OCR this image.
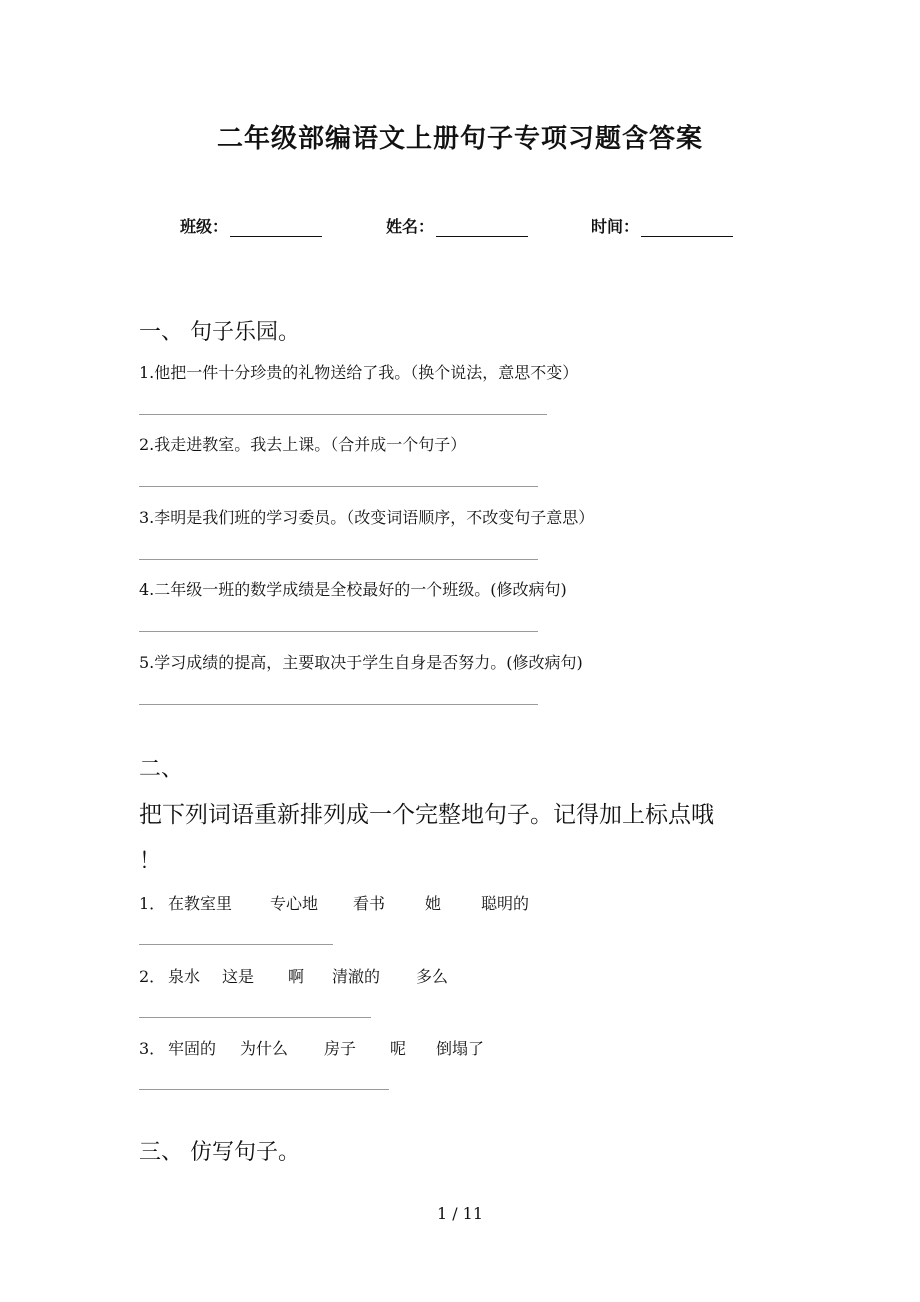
二年级部编语文上册句子专项习题含答案
班级：	姓名：	时间：
一、 句子乐园。
1.他把一件十分珍贵的礼物送给了我。（换个说法，意思不变）
2.我走进教室。我去上课。（合并成一个句子）
3.李明是我们班的学习委员。（改变词语顺序，不改变句子意思）
4.二年级一班的数学成绩是全校最好的一个班级。(修改病句)
5.学习成绩的提高，主要取决于学生自身是否努力。(修改病句)
二、
把下列词语重新排列成一个完整地句子。记得加上标点哦
！
1． 在教室里 专心地 看书 她 聪明的
2． 泉水 这是 啊 清澈的 多么
3． 牢固的 为什么 房子 呢 倒塌了
三、 仿写句子。
1 / 11
